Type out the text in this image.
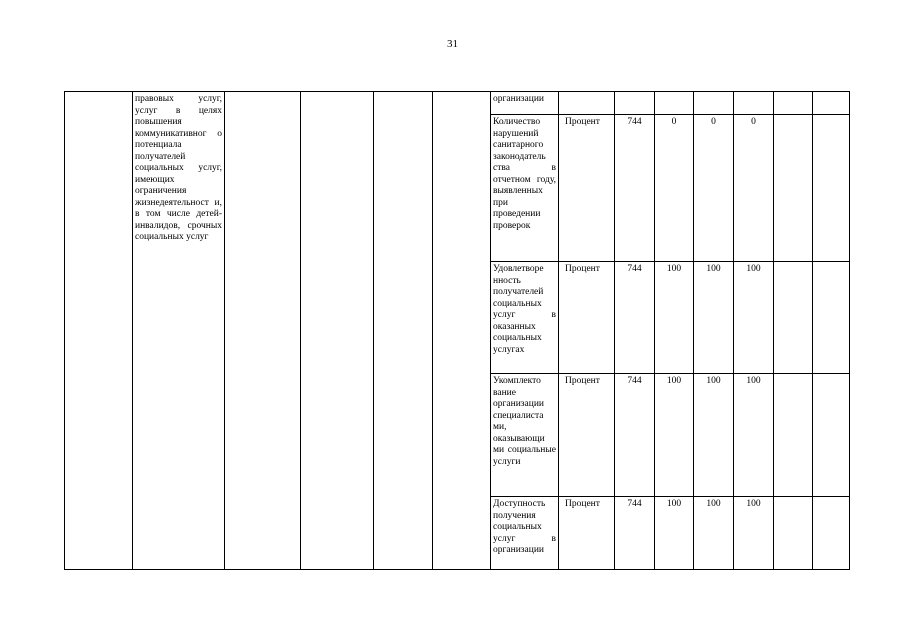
31
	правовых услуг, услуг в целях повышения коммуникативног о потенциала получателей социальных услуг, имеющих ограничения жизнедеятельност и, в том числе детей-инвалидов, срочных социальных услуг					организации							
						Количество нарушений санитарного законодатель ства в отчетном году, выявленных при проведении проверок	Процент	744	0	0	0		
						Удовлетворе нность получателей социальных услуг в оказанных социальных услугах	Процент	744	100	100	100		
						Укомплекто вание организации специалиста ми, оказывающи ми социальные услуги	Процент	744	100	100	100		
						Доступность получения социальных услуг в организации	Процент	744	100	100	100		
